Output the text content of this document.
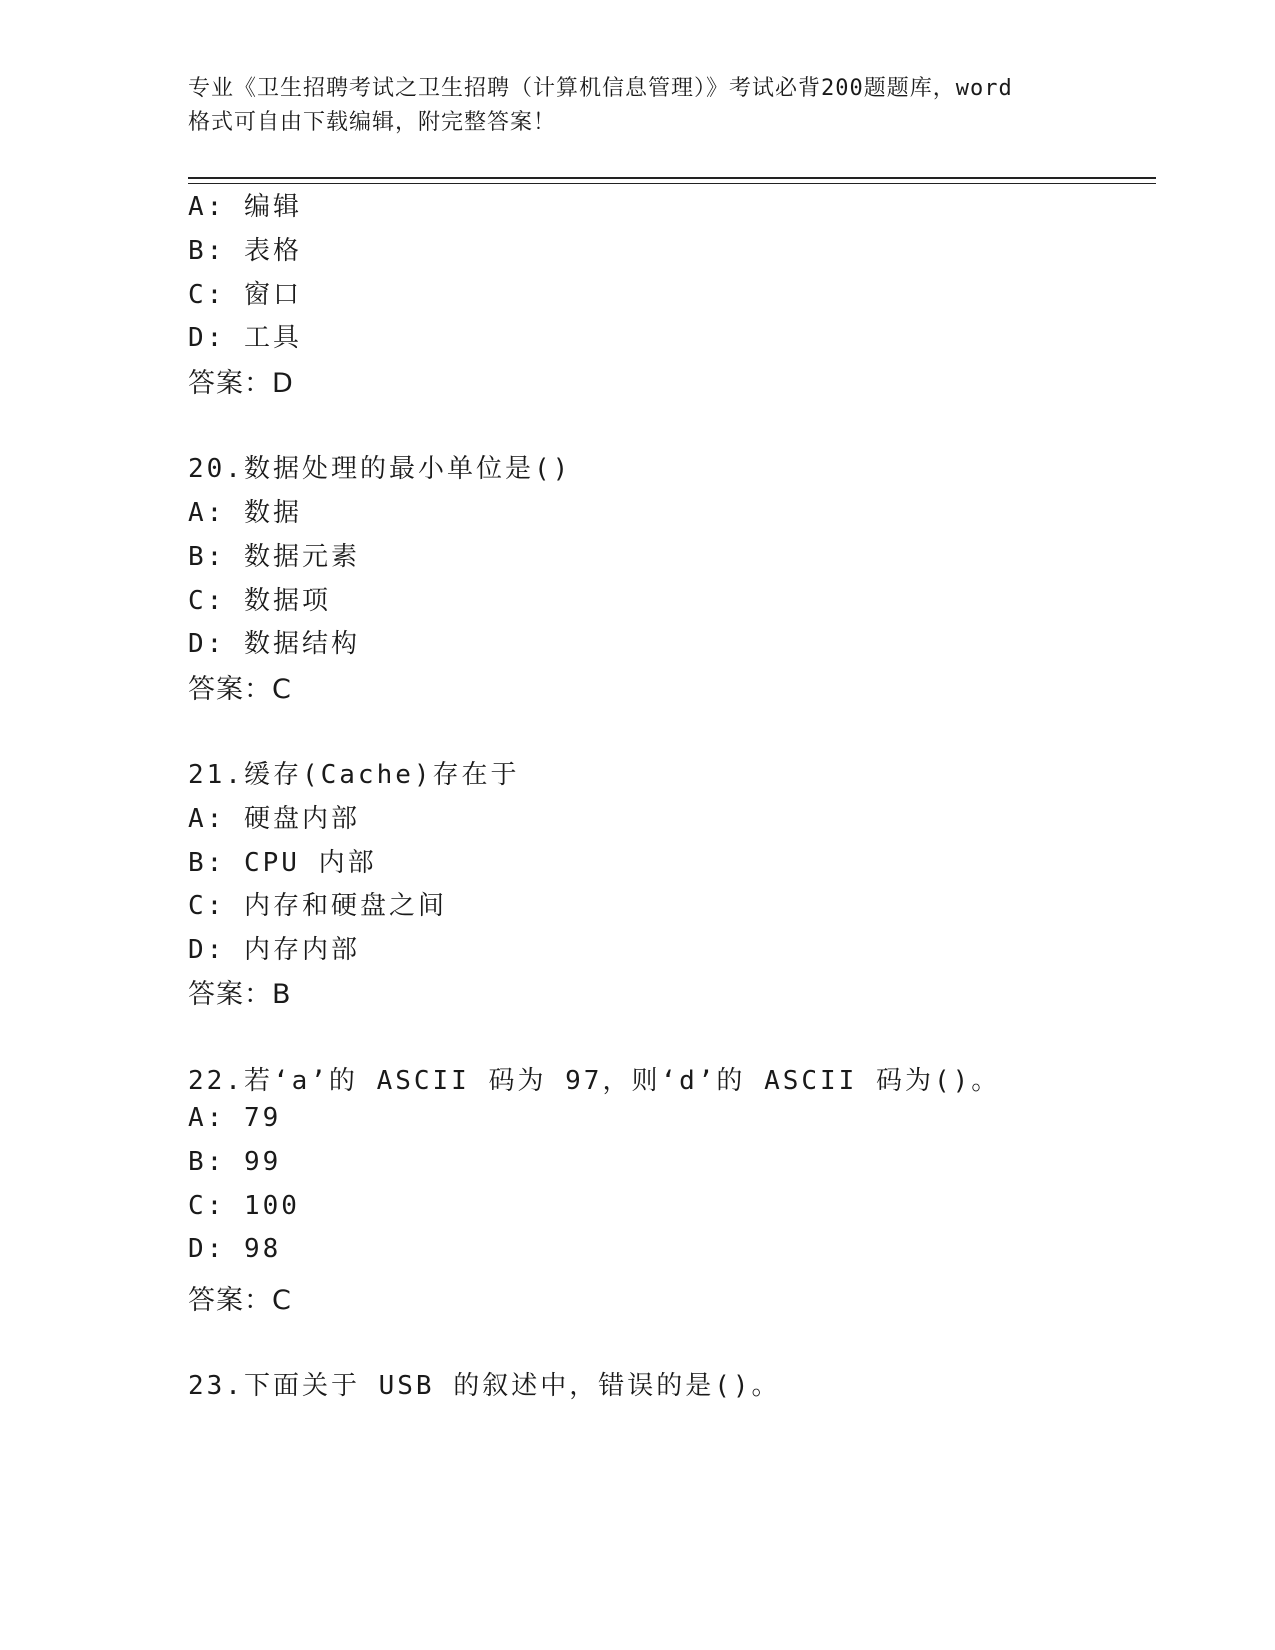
专业《卫生招聘考试之卫生招聘（计算机信息管理）》考试必背200题题库，word
格式可自由下载编辑，附完整答案！
A: 编辑
B: 表格
C: 窗口
D: 工具
答案：D
20.数据处理的最小单位是()
A: 数据
B: 数据元素
C: 数据项
D: 数据结构
答案：C
21.缓存(Cache)存在于
A: 硬盘内部
B: CPU 内部
C: 内存和硬盘之间
D: 内存内部
答案：B
22.若‘a’的 ASCII 码为 97，则‘d’的 ASCII 码为()。
A: 79
B: 99
C: 100
D: 98
答案：C
23.下面关于 USB 的叙述中，错误的是()。
